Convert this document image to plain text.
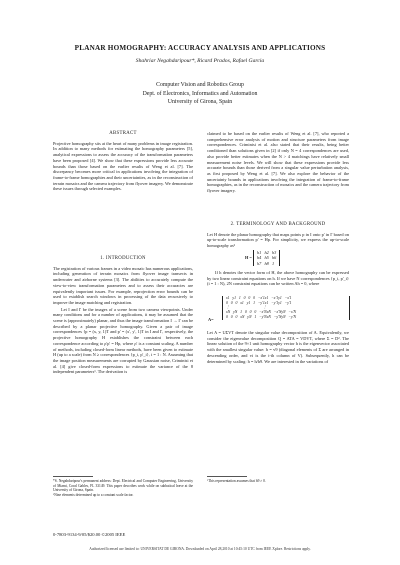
PLANAR HOMOGRAPHY: ACCURACY ANALYSIS AND APPLICATIONS
Shahriar Negahdaripour*, Ricard Prados, Rafael Garcia
Computer Vision and Robotics Group
Dept. of Electronics, Informatics and Automation
University of Girona, Spain

ABSTRACT

Projective homography sits at the heart of many problems in image registration. In addition to many methods for estimating the homography parameters [5], analytical expressions to assess the accuracy of the transformation parameters have been proposed [4]. We show that these expressions provide less accurate bounds than those based on the earlier results of Weng et al. [7]. The discrepancy becomes more critical in applications involving the integration of frame-to-frame homographies and their uncertainties, as in the reconstruction of terrain mosaics and the camera trajectory from flyover imagery. We demonstrate these issues through selected examples.

1. INTRODUCTION

The registration of various frames in a video mosaic has numerous applications, including generation of terrain mosaics from flyover image transects in underwater and airborne systems [3]. The abilities to accurately compute the view-to-view transformation parameters and to assess their accuracies are equivalently important issues. For example, reprojection error bounds can be used to establish search windows in processing of the data recursively to improve the image matching and registration.

Let I and I' be the images of a scene from two camera viewpoints. Under many conditions and for a number of applications, it may be assumed that the scene is (approximately) planar, and thus the image transformation I → I' can be described by a planar projective homography. Given a pair of image correspondences {p = (x, y, 1)T and p' = (x', y', 1)T in I and I', respectively, the projective homography H establishes the constraint between each correspondence according to ρ'p' = Hp, where ρ' is a constant scaling. A number of methods, including closed-form linear methods, have been given to estimate H (up to a scale) from N ≥ correspondences {p_i, p'_i}, i = 1 : N. Assuming that the image position measurements are corrupted by Gaussian noise, Criminisi et al. [4] give closed-form expressions to estimate the variance of the 8 independent parameters¹. The derivation is

*S. Negahdaripour's permanent address: Dept. Electrical and Computer Engineering, University of Miami, Coral Gables, FL 33149. This paper describes work while on sabbatical leave at the University of Girona, Spain.
¹Nine elements determined up to a constant scale factor.

claimed to be based on the earlier results of Weng et al. [7], who reported a comprehensive error analysis of motion and structure parameters from image correspondences. Criminisi et al. also stated that their results, being better conditioned than solutions given in [2] if only N = 4 correspondences are used, also provide better estimates when the N > 4 matchings have relatively small measurement noise levels. We will show that these expressions provide less accurate bounds than those derived from a singular value perturbation analysis, as first proposed by Weng et al. [7]. We also explore the behavior of the uncertainty bounds in applications involving the integration of frame-to-frame homographies, as in the reconstruction of mosaics and the camera trajectory from flyover imagery.

2. TERMINOLOGY AND BACKGROUND

Let H denote the planar homography that maps points p in I onto p' in I' based on up-to-scale transformation p' = Hp. For simplicity, we express the up-to-scale homography as²

H =
h1   h2   h3
h4   h5   h6
h7   h8   1

If h denotes the vector form of H, the above homography can be expressed by two linear constraint equations on h. If we have N correspondences {p_i, p'_i} (i = 1 : N), 2N constraint equations can be written Ah = 0, where

A=
x1   y1   1   0   0   0   −x'1x1   −x'1y1   −x'1
0   0   0   x1   y1   1   −y'1x1   −y'1y1   −y'1
⋮                                   ⋮
xN   yN   1   0   0   0   −x'NxN   −x'NyN   −x'N
0   0   0   xN   yN   1   −y'NxN   −y'NyN   −y'N

Let A = UΣVT denote the singular value decomposition of A. Equivalently, we consider the eigenvalue decomposition Q = ATA = VDVT, where Σ = D². The linear solution of the 9×1 unit homography vector h is the eigenvector associated with the smallest singular value: h = v9 (diagonal elements of Σ are arranged in descending order, and vi is the i-th column of V). Subsequently, h can be determined by scaling: h = h/h9. We are interested in the variations of

²This representation assumes that h9 ≠ 0.
0-7803-9134-9/05/$20.00 ©2005 IEEE
Authorized licensed use limited to: UNIVERSITAT DE GIRONA. Downloaded on April 28,2010 at 10:45:10 UTC from IEEE Xplore. Restrictions apply.
